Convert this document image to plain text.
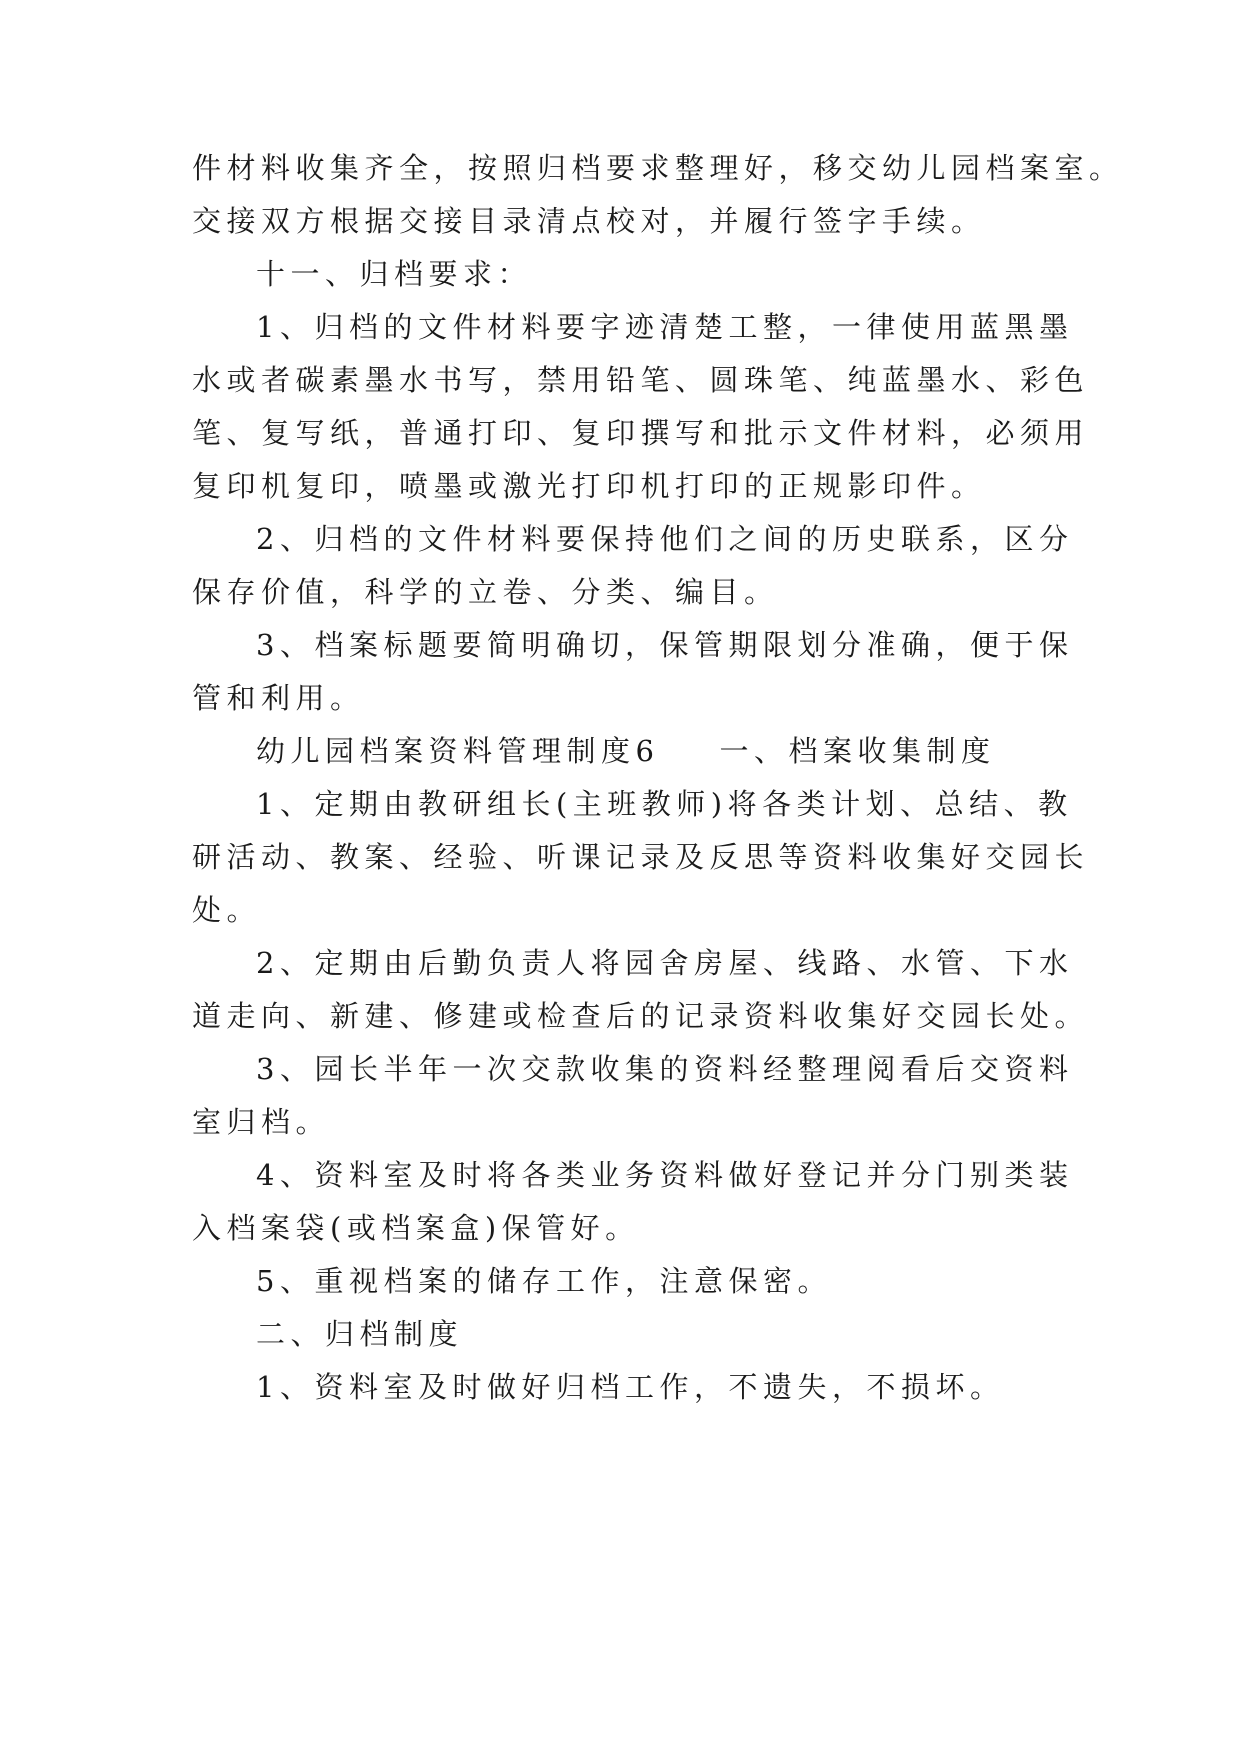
件材料收集齐全，按照归档要求整理好，移交幼儿园档案室。
交接双方根据交接目录清点校对，并履行签字手续。
十一、归档要求：
1、归档的文件材料要字迹清楚工整，一律使用蓝黑墨
水或者碳素墨水书写，禁用铅笔、圆珠笔、纯蓝墨水、彩色
笔、复写纸，普通打印、复印撰写和批示文件材料，必须用
复印机复印，喷墨或激光打印机打印的正规影印件。
2、归档的文件材料要保持他们之间的历史联系，区分
保存价值，科学的立卷、分类、编目。
3、档案标题要简明确切，保管期限划分准确，便于保
管和利用。
幼儿园档案资料管理制度6 一、档案收集制度
1、定期由教研组长(主班教师)将各类计划、总结、教
研活动、教案、经验、听课记录及反思等资料收集好交园长
处。
2、定期由后勤负责人将园舍房屋、线路、水管、下水
道走向、新建、修建或检查后的记录资料收集好交园长处。
3、园长半年一次交款收集的资料经整理阅看后交资料
室归档。
4、资料室及时将各类业务资料做好登记并分门别类装
入档案袋(或档案盒)保管好。
5、重视档案的储存工作，注意保密。
二、归档制度
1、资料室及时做好归档工作，不遗失，不损坏。
